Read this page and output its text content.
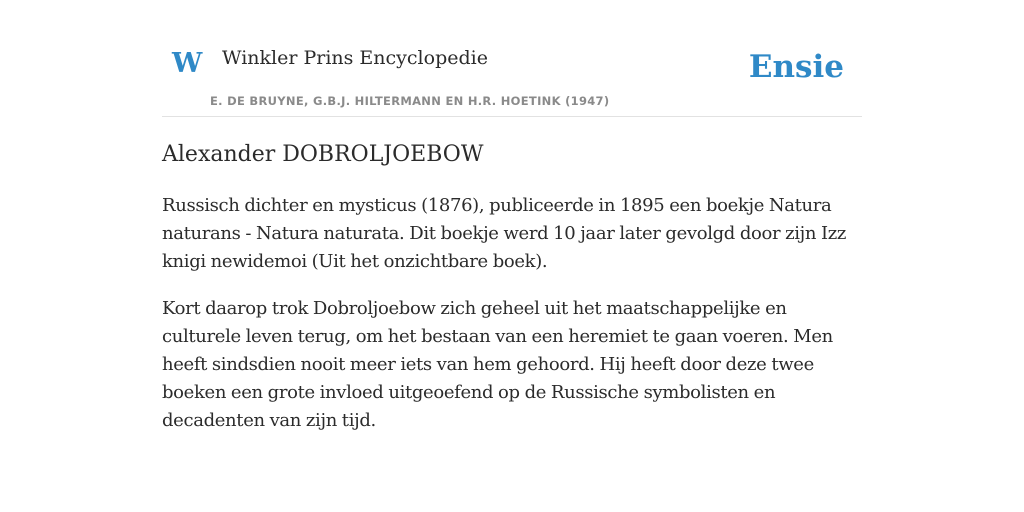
W Winkler Prins Encyclopedie
E. DE BRUYNE, G.B.J. HILTERMANN EN H.R. HOETINK (1947)
Ensie
Alexander DOBROLJOEBOW

Russisch dichter en mysticus (1876), publiceerde in 1895 een boekje Natura naturans - Natura naturata. Dit boekje werd 10 jaar later gevolgd door zijn Izz knigi newidemoi (Uit het onzichtbare boek).

Kort daarop trok Dobroljoebow zich geheel uit het maatschappelijke en culturele leven terug, om het bestaan van een heremiet te gaan voeren. Men heeft sindsdien nooit meer iets van hem gehoord. Hij heeft door deze twee boeken een grote invloed uitgeoefend op de Russische symbolisten en decadenten van zijn tijd.
